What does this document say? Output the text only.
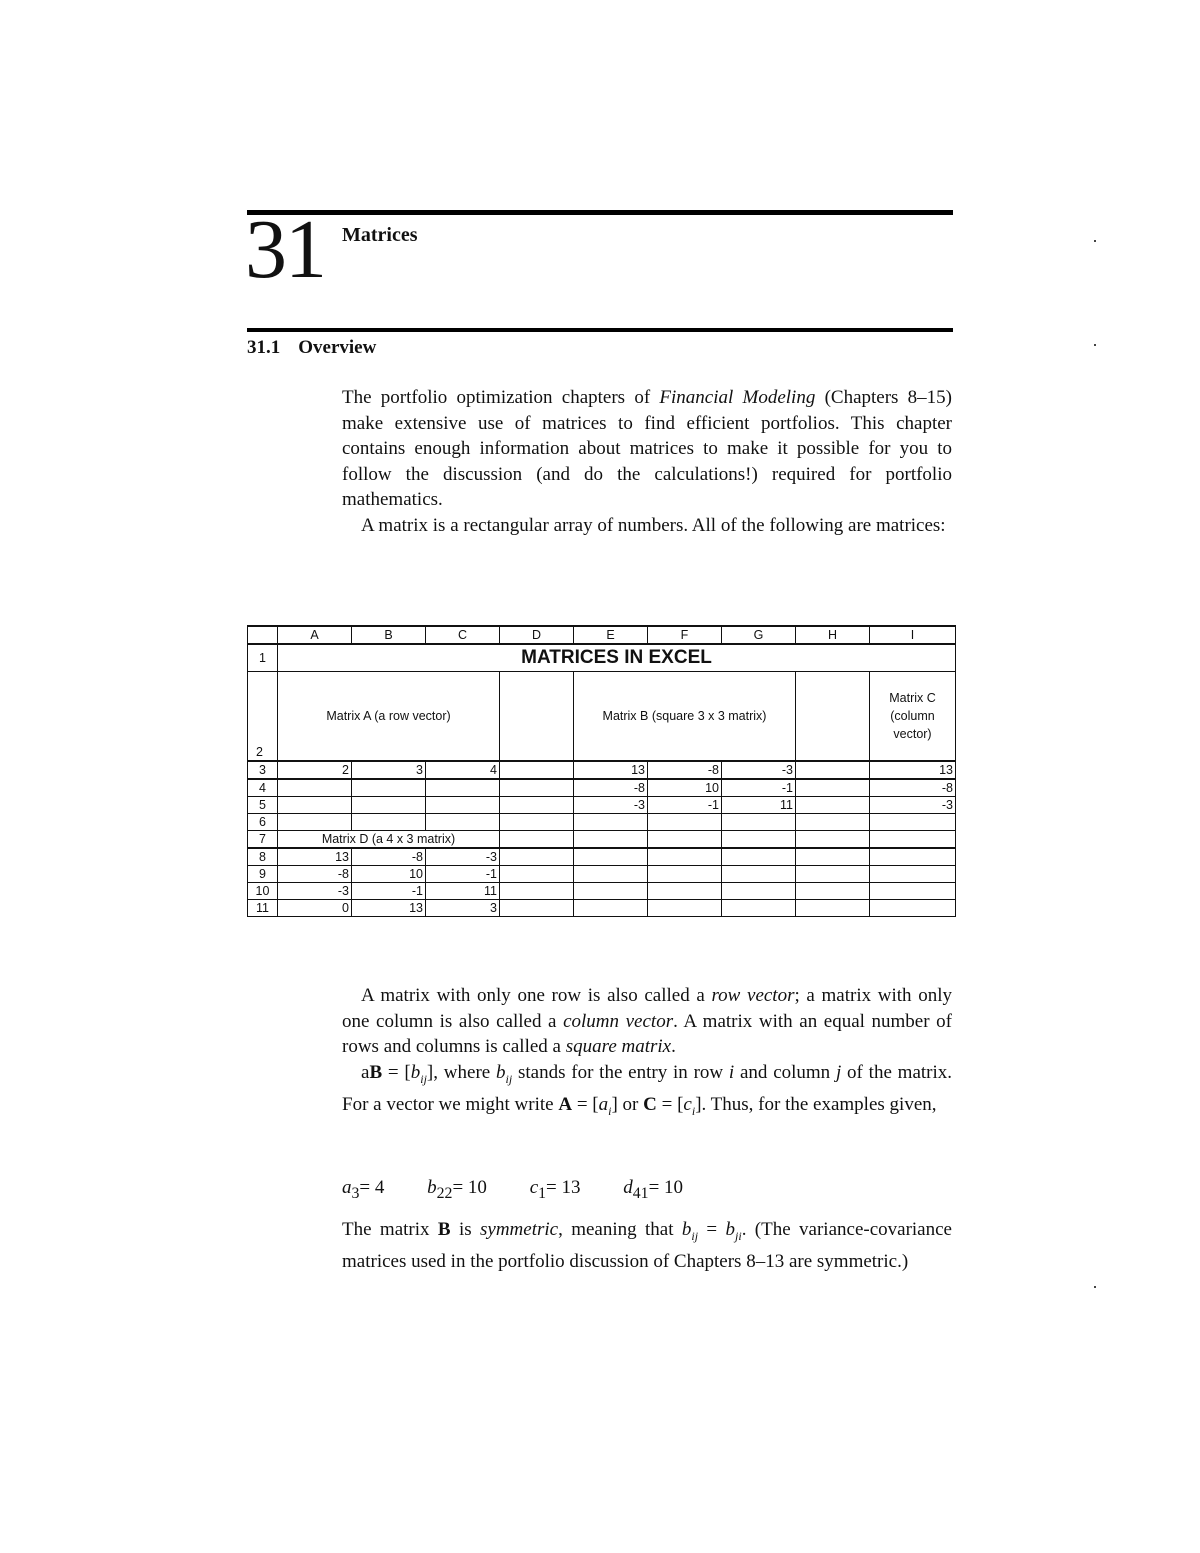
31 Matrices
31.1 Overview

The portfolio optimization chapters of Financial Modeling (Chapters 8–15) make extensive use of matrices to find efficient portfolios. This chapter contains enough information about matrices to make it possible for you to follow the discussion (and do the calculations!) required for portfolio mathematics.

A matrix is a rectangular array of numbers. All of the following are matrices:

	A	B	C	D	E	F	G	H	I
1	MATRICES IN EXCEL								
2	Matrix A (a row vector)				Matrix B (square 3 x 3 matrix)				Matrix C (column vector)
3	2	3	4		13	-8	-3		13
4					-8	10	-1		-8
5					-3	-1	11		-3
6									
7	Matrix D (a 4 x 3 matrix)								
8	13	-8	-3						
9	-8	10	-1						
10	-3	-1	11						
11	0	13	3						

A matrix with only one row is also called a row vector; a matrix with only one column is also called a column vector. A matrix with an equal number of rows and columns is called a square matrix.

aB = $[b_{ij}]$, where $b_{ij}$ stands for the entry in row i and column j of the matrix. For a vector we might write $A = [a_i]$ or $C = [c_i]$. Thus, for the examples given,

$a_3= 4$ $b_{22}= 10$ $c_1= 13$ $d_{41}= 10$

The matrix B is symmetric, meaning that $b_{ij} = b_{ji}$. (The variance-covariance matrices used in the portfolio discussion of Chapters 8–13 are symmetric.)
